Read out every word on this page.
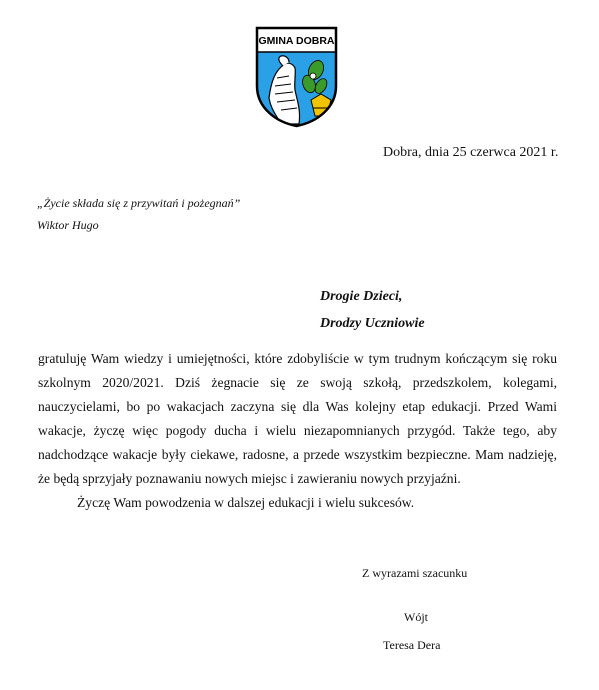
GMINA DOBRA
Dobra, dnia 25 czerwca 2021 r.
„Życie składa się z przywitań i pożegnań”
Wiktor Hugo
Drogie Dzieci,
Drodzy Uczniowie

gratuluję Wam wiedzy i umiejętności, które zdobyliście w tym trudnym kończącym się roku szkolnym 2020/2021. Dziś żegnacie się ze swoją szkołą, przedszkolem, kolegami, nauczycielami, bo po wakacjach zaczyna się dla Was kolejny etap edukacji. Przed Wami wakacje, życzę więc pogody ducha i wielu niezapomnianych przygód. Także tego, aby nadchodzące wakacje były ciekawe, radosne, a przede wszystkim bezpieczne. Mam nadzieję, że będą sprzyjały poznawaniu nowych miejsc i zawieraniu nowych przyjaźni.

Życzę Wam powodzenia w dalszej edukacji i wielu sukcesów.

Z wyrazami szacunku
Wójt
Teresa Dera
